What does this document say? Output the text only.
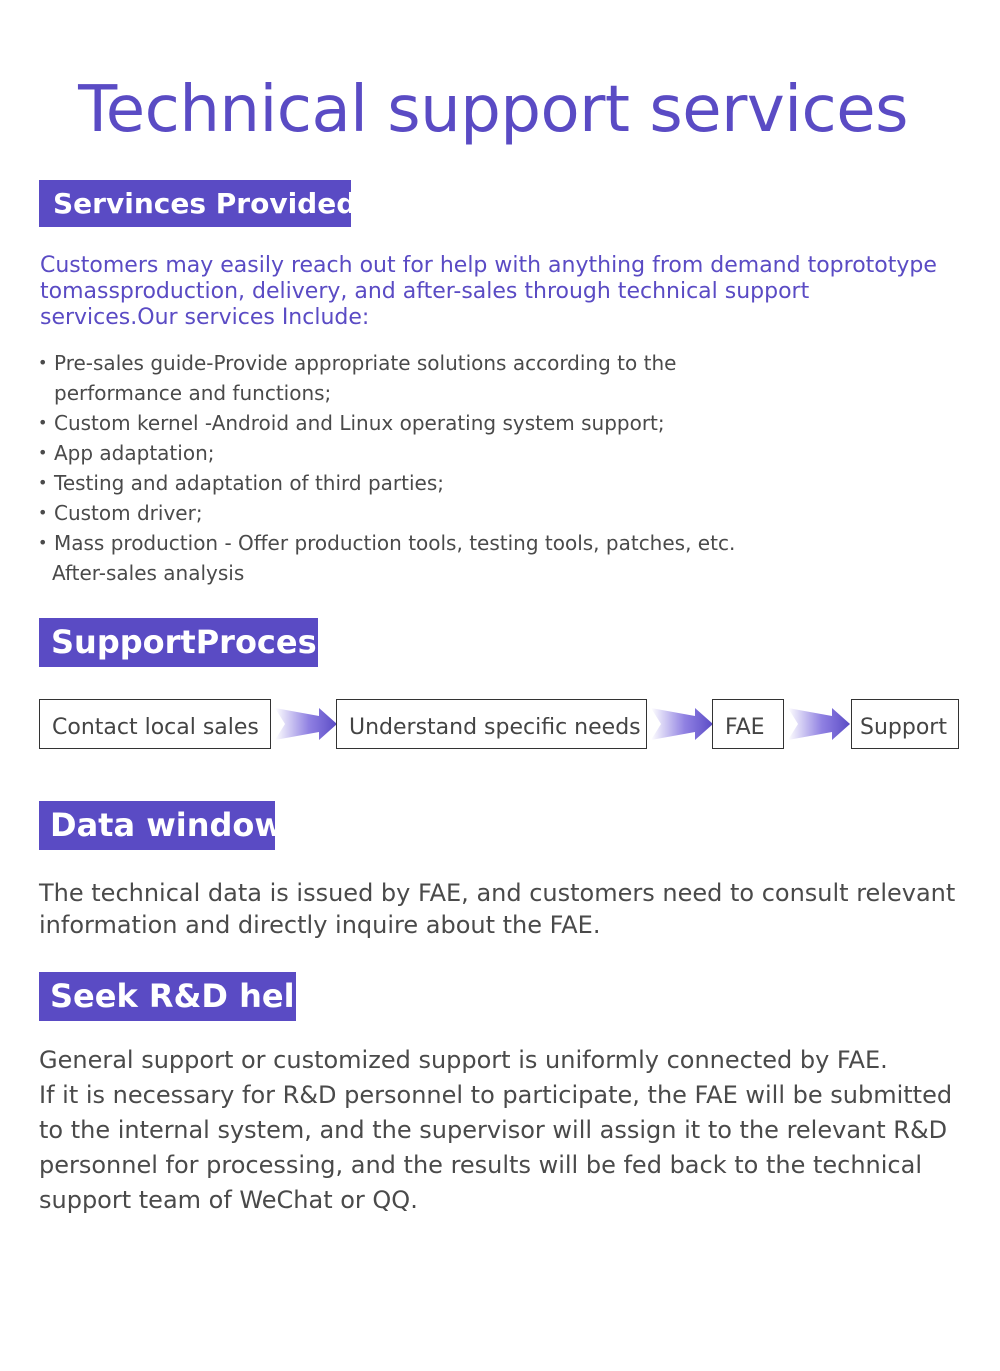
Technical support services
Servinces Provided

Customers may easily reach out for help with anything from demand toprototype tomassproduction, delivery, and after-sales through technical support services.Our services Include:

• Pre-sales guide-Provide appropriate solutions according to the
performance and functions;
• Custom kernel -Android and Linux operating system support;
• App adaptation;
• Testing and adaptation of third parties;
• Custom driver;
• Mass production - Offer production tools, testing tools, patches, etc.
After-sales analysis
SupportProcess
Contact local sales	Understand specific needs	FAE	Support
Data window

The technical data is issued by FAE, and customers need to consult relevant information and directly inquire about the FAE.

Seek R&D help

General support or customized support is uniformly connected by FAE.
If it is necessary for R&D personnel to participate, the FAE will be submitted
to the internal system, and the supervisor will assign it to the relevant R&D
personnel for processing, and the results will be fed back to the technical
support team of WeChat or QQ.
